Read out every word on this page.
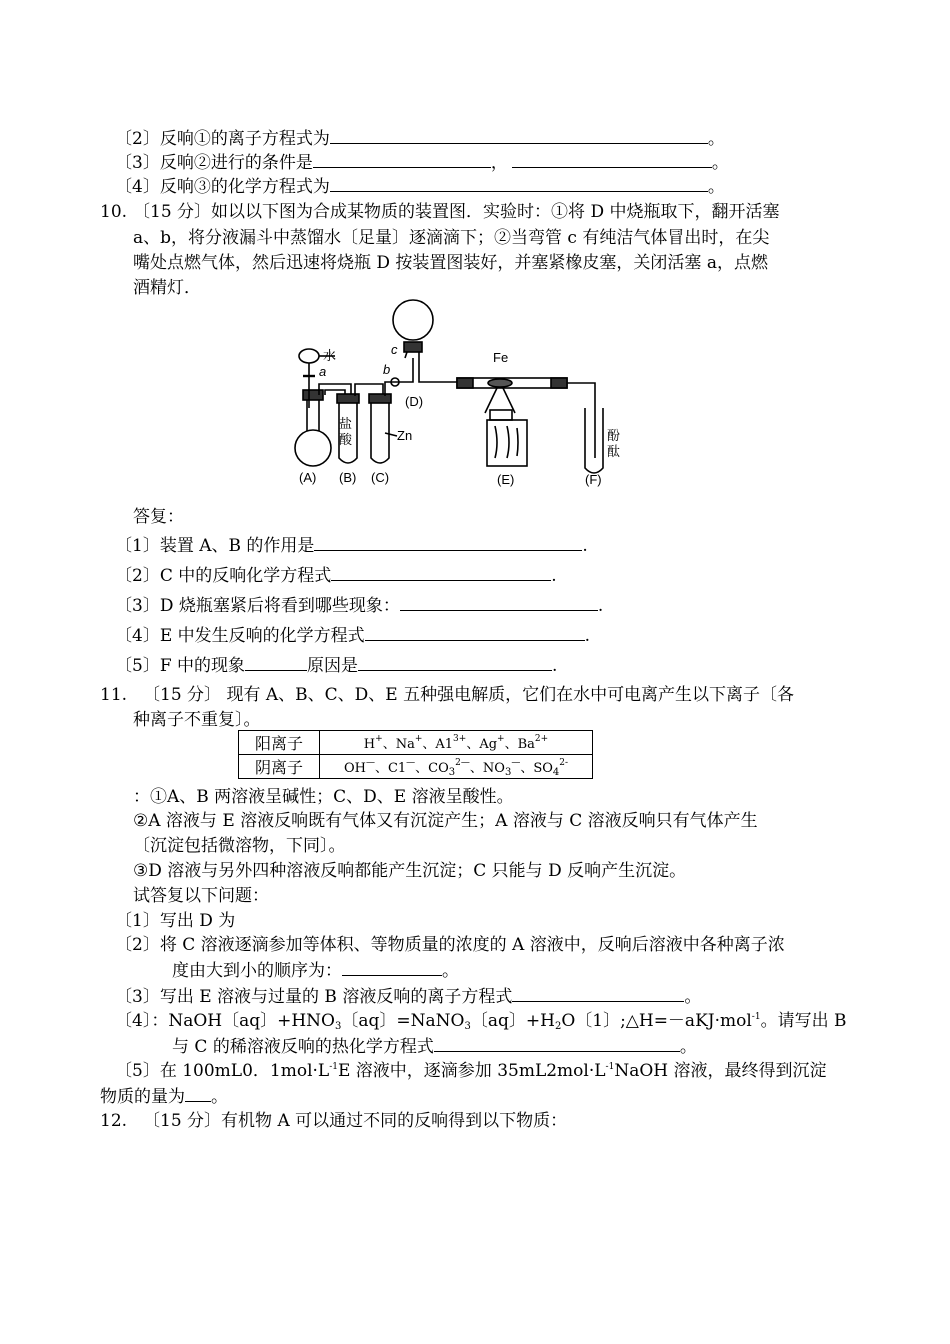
〔2〕反响①的离子方程式为	。
〔3〕反响②进行的条件是	，	。
〔4〕反响③的化学方程式为	。
10. 〔15 分〕如以以下图为合成某物质的装置图．实验时：①将 D 中烧瓶取下，翻开活塞
a、b，将分液漏斗中蒸馏水〔足量〕逐滴滴下；②当弯管 c 有纯洁气体冒出时，在尖
嘴处点燃气体，然后迅速将烧瓶 D 按装置图装好，并塞紧橡皮塞，关闭活塞 a，点燃
酒精灯．
水
a	b
c
Fe
盐
酸	Zn	酚
酞
(A) (B) (C)
(D)
(E)	(F)
答复：
〔1〕装置 A、B 的作用是	.
〔2〕C 中的反响化学方程式	.
〔3〕D 烧瓶塞紧后将看到哪些现象：	.
〔4〕E 中发生反响的化学方程式	.
〔5〕F 中的现象	原因是	.
11. 〔15 分〕 现有 A、B、C、D、E 五种强电解质，它们在水中可电离产生以下离子〔各
种离子不重复〕。
阳离子	H+、Na+、$A1^{3+}$、Ag+、$Ba^{2+}$
阴离子	OH—、C1—、$CO_3^{2—}$、$NO_3^—$、$SO_4^{2-}$
：①A、B 两溶液呈碱性；C、D、E 溶液呈酸性。
②A 溶液与 E 溶液反响既有气体又有沉淀产生；A 溶液与 C 溶液反响只有气体产生
〔沉淀包括微溶物，下同〕。
③D 溶液与另外四种溶液反响都能产生沉淀；C 只能与 D 反响产生沉淀。
试答复以下问题：
〔1〕写出 D 为
〔2〕将 C 溶液逐滴参加等体积、等物质量的浓度的 A 溶液中，反响后溶液中各种离子浓
度由大到小的顺序为：	。
〔3〕写出 E 溶液与过量的 B 溶液反响的离子方程式	。
〔4〕：NaOH〔aq〕$+HNO_3$〔aq〕=NaNO$_3$〔aq〕$+H_2O$〔1〕;△H=－aKJ·mol$^{-1}$。请写出 B
与 C 的稀溶液反响的热化学方程式	。
〔5〕在 100mL0．$1mol\cdot L^{-1}E$ 溶液中，逐滴参加 $35mL2mol\cdot L^{-1}NaOH$ 溶液，最终得到沉淀
物质的量为 。
12. 〔15 分〕有机物 A 可以通过不同的反响得到以下物质：
